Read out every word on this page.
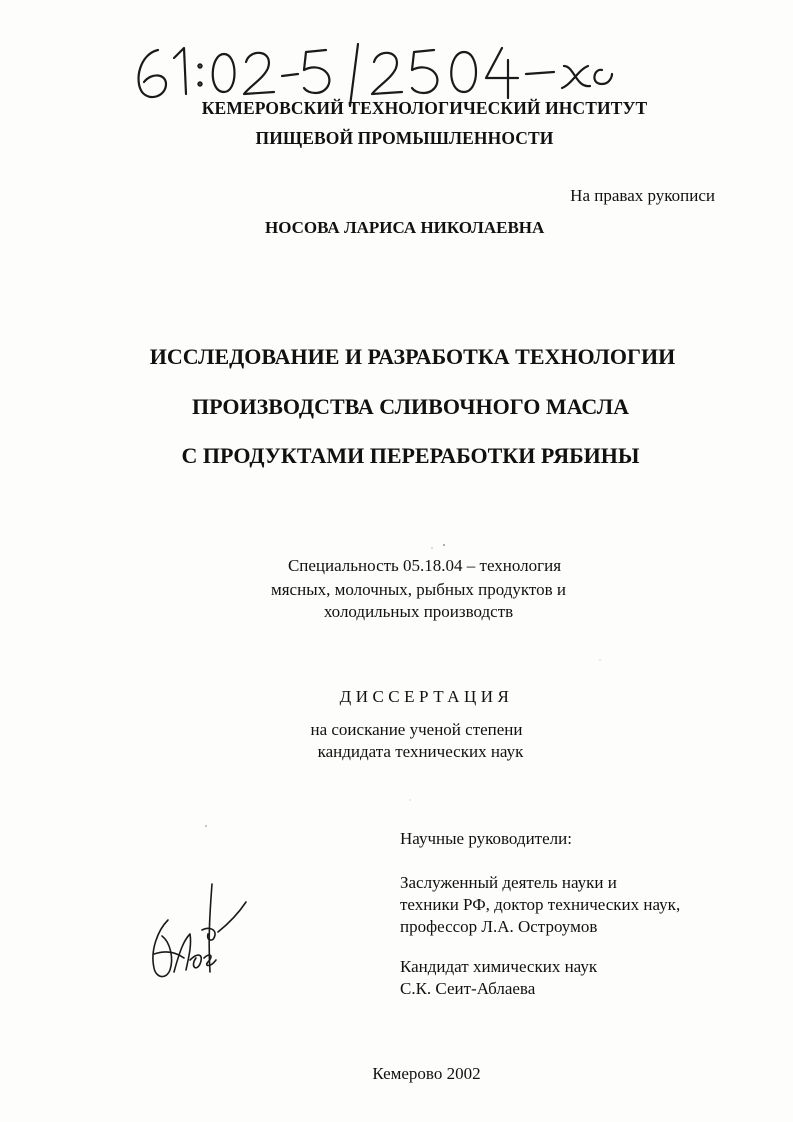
КЕМЕРОВСКИЙ ТЕХНОЛОГИЧЕСКИЙ ИНСТИТУТ

ПИЩЕВОЙ ПРОМЫШЛЕННОСТИ

На правах рукописи

НОСОВА ЛАРИСА НИКОЛАЕВНА

ИССЛЕДОВАНИЕ И РАЗРАБОТКА ТЕХНОЛОГИИ

ПРОИЗВОДСТВА СЛИВОЧНОГО МАСЛА

С ПРОДУКТАМИ ПЕРЕРАБОТКИ РЯБИНЫ

Специальность 05.18.04 – технология

мясных, молочных, рыбных продуктов и

холодильных производств

ДИССЕРТАЦИЯ

на соискание ученой степени

кандидата технических наук

Научные руководители:

Заслуженный деятель науки и
техники РФ, доктор технических наук,
профессор Л.А. Остроумов
Кандидат химических наук
С.К. Сеит-Аблаева

Кемерово 2002
